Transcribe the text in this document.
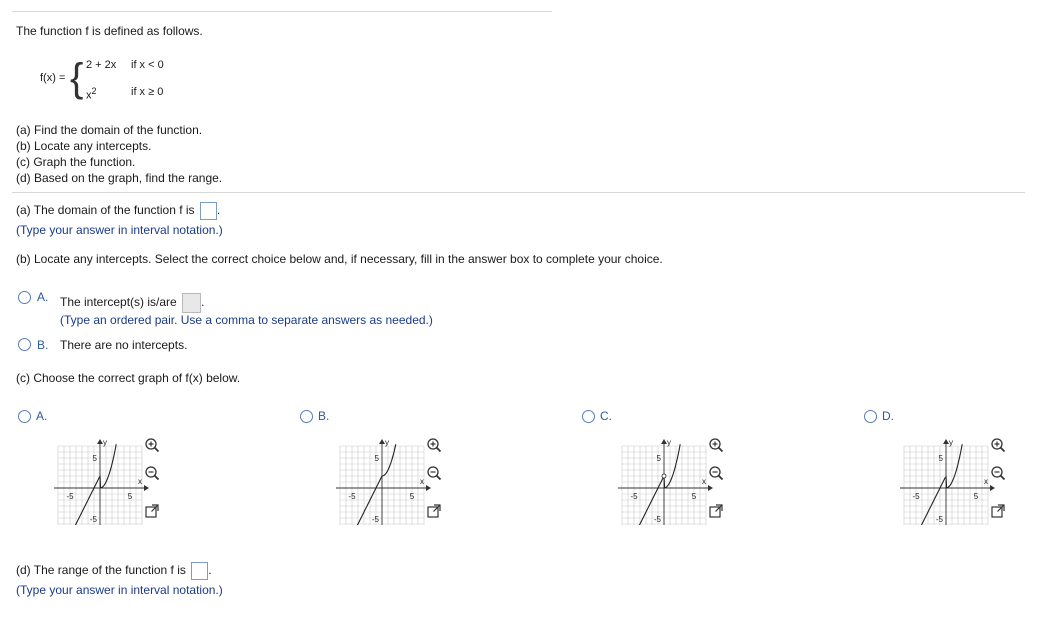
The function f is defined as follows.
f(x) = { 2 + 2x if x < 0
$x^2$	if x ≥ 0
(a) Find the domain of the function.
(b) Locate any intercepts.
(c) Graph the function.
(d) Based on the graph, find the range.
(a) The domain of the function f is .
(Type your answer in interval notation.)
(b) Locate any intercepts. Select the correct choice below and, if necessary, fill in the answer box to complete your choice.
A. The intercept(s) is/are .
(Type an ordered pair. Use a comma to separate answers as needed.)
B. There are no intercepts.
(c) Choose the correct graph of f(x) below.
A.
y
x
5
5
-5
-5
B.
y
x
5
5
-5
-5
C.
y
x
5
5
-5
-5
D.
y
x
5
5
-5
-5
(d) The range of the function f is .
(Type your answer in interval notation.)
